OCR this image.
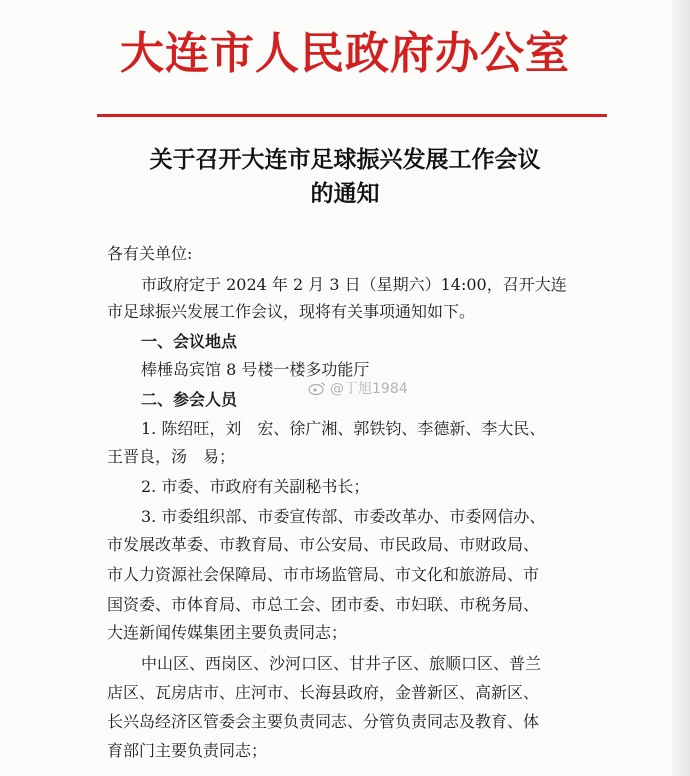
大连市人民政府办公室
关于召开大连市足球振兴发展工作会议
的通知
各有关单位:
市政府定于 2024 年 2 月 3 日（星期六）14:00，召开大连
市足球振兴发展工作会议，现将有关事项通知如下。
一、会议地点
棒棰岛宾馆 8 号楼一楼多功能厅
二、参会人员
1. 陈绍旺，刘　宏、徐广湘、郭铁钧、李德新、李大民、
王晋良，汤　易；
2. 市委、市政府有关副秘书长；
3. 市委组织部、市委宣传部、市委改革办、市委网信办、
市发展改革委、市教育局、市公安局、市民政局、市财政局、
市人力资源社会保障局、市市场监管局、市文化和旅游局、市
国资委、市体育局、市总工会、团市委、市妇联、市税务局、
大连新闻传媒集团主要负责同志；
中山区、西岗区、沙河口区、甘井子区、旅顺口区、普兰
店区、瓦房店市、庄河市、长海县政府，金普新区、高新区、
长兴岛经济区管委会主要负责同志、分管负责同志及教育、体
育部门主要负责同志；
@丁旭1984
